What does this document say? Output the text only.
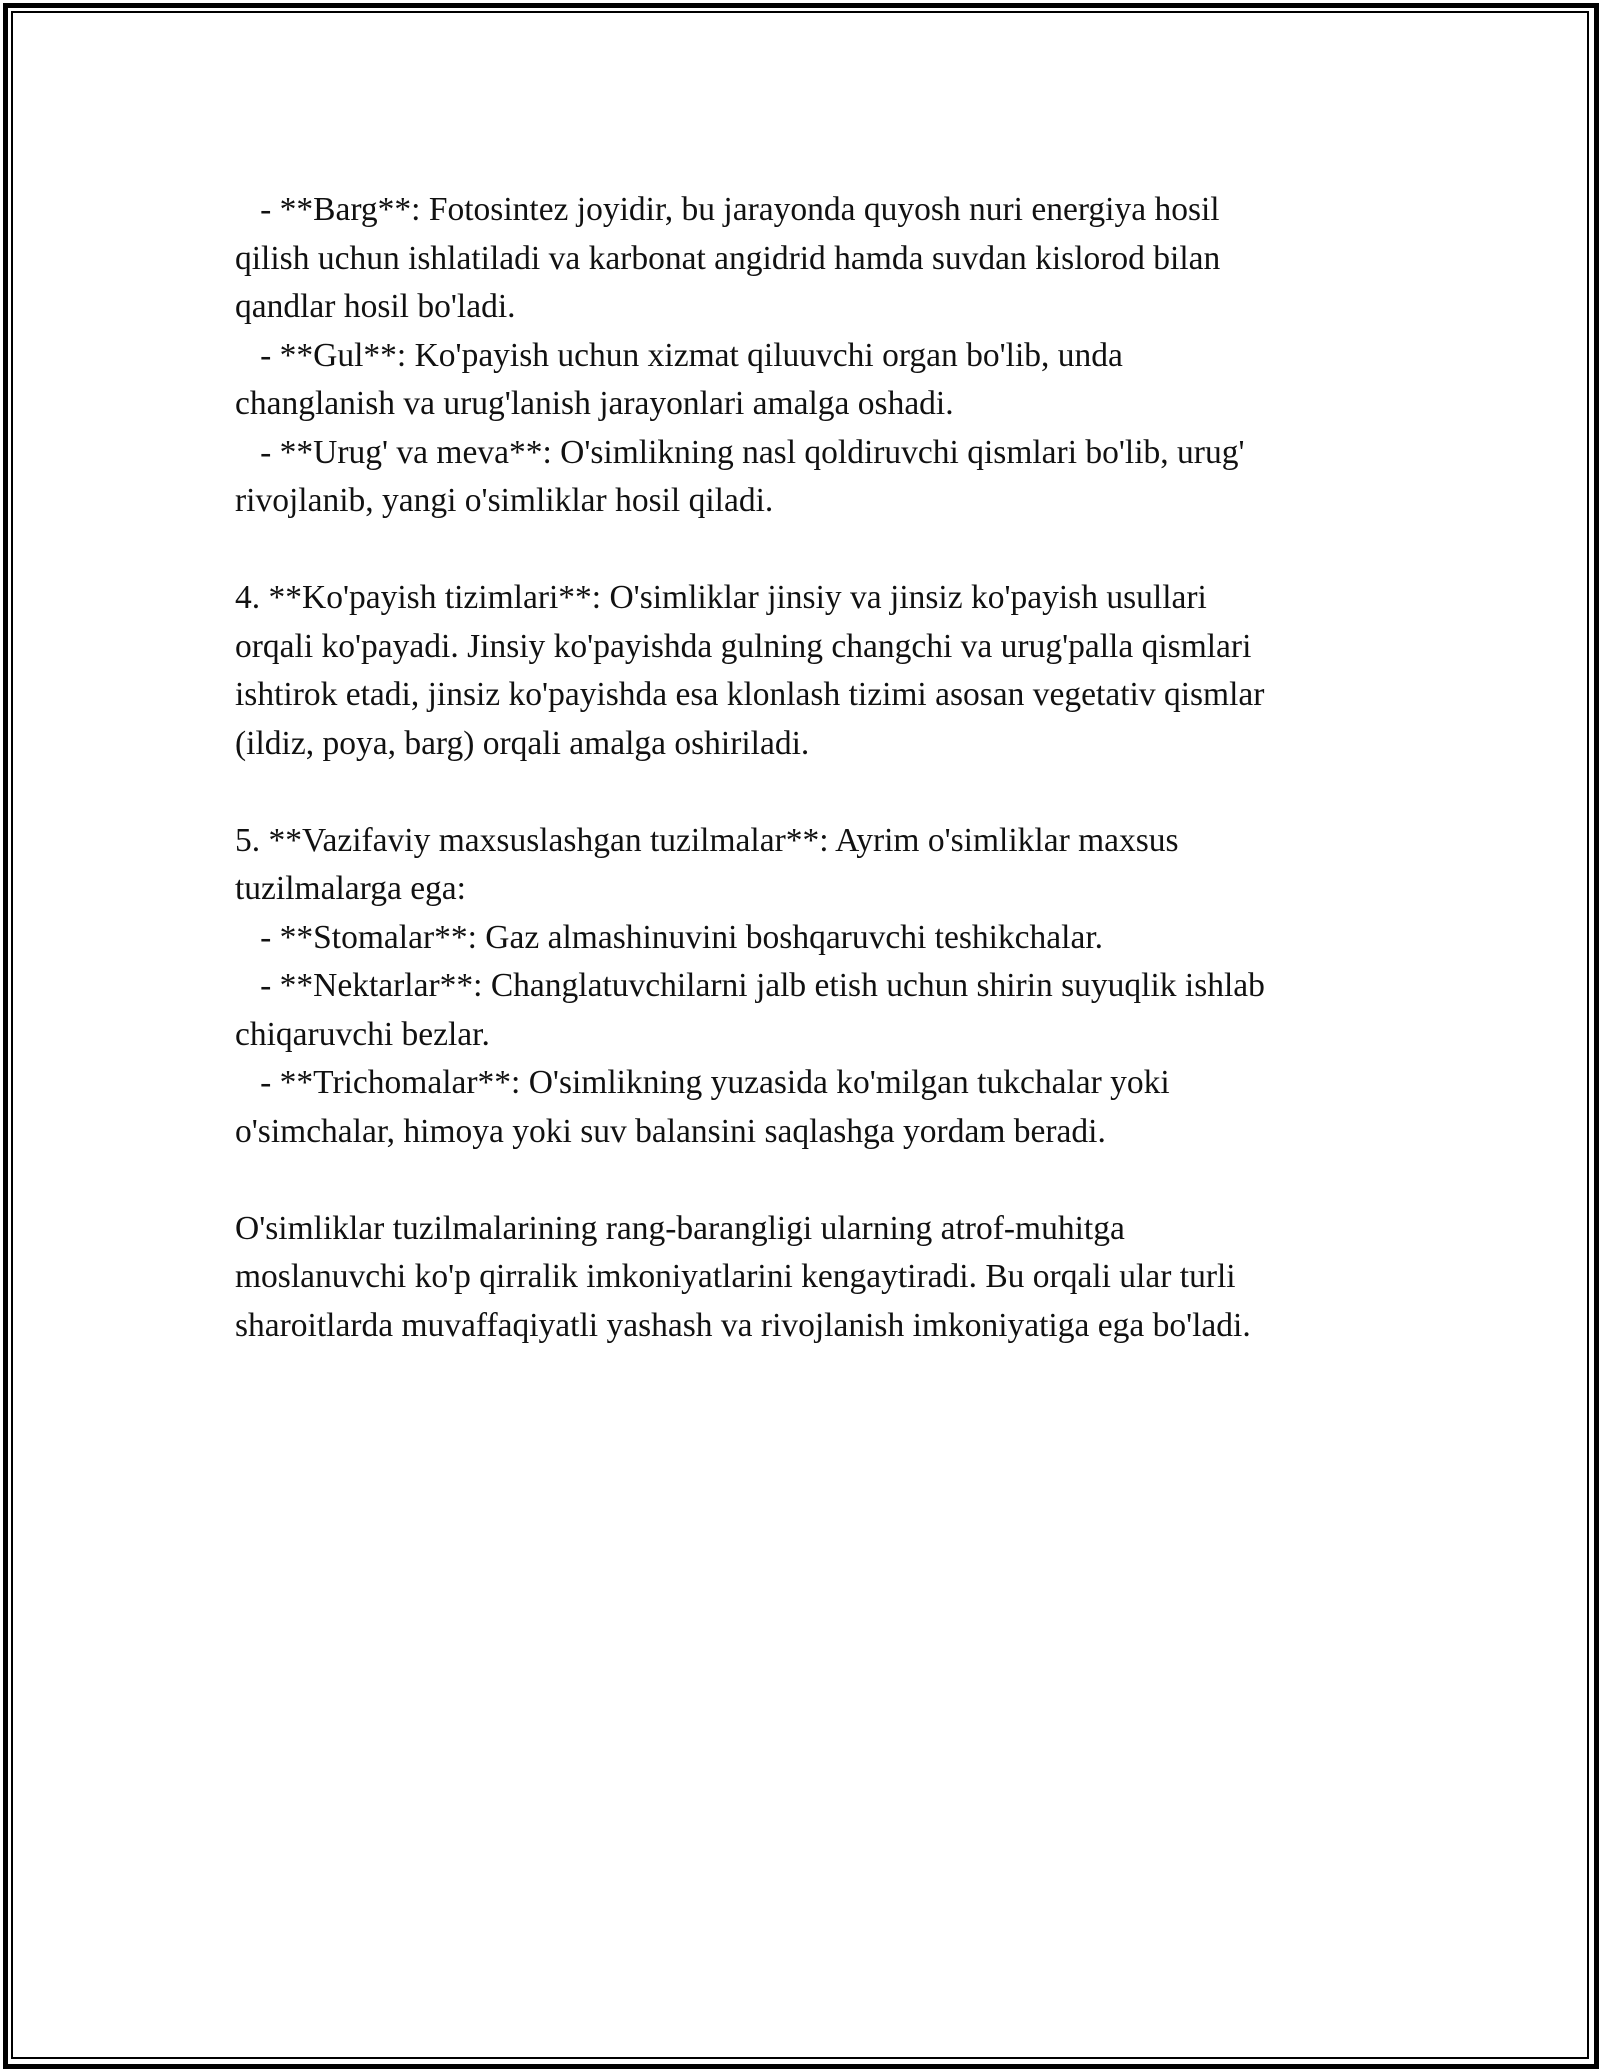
- **Barg**: Fotosintez joyidir, bu jarayonda quyosh nuri energiya hosil
qilish uchun ishlatiladi va karbonat angidrid hamda suvdan kislorod bilan
qandlar hosil bo'ladi.

- **Gul**: Ko'payish uchun xizmat qiluuvchi organ bo'lib, unda
changlanish va urug'lanish jarayonlari amalga oshadi.

- **Urug' va meva**: O'simlikning nasl qoldiruvchi qismlari bo'lib, urug'
rivojlanib, yangi o'simliklar hosil qiladi.

4. **Ko'payish tizimlari**: O'simliklar jinsiy va jinsiz ko'payish usullari
orqali ko'payadi. Jinsiy ko'payishda gulning changchi va urug'palla qismlari
ishtirok etadi, jinsiz ko'payishda esa klonlash tizimi asosan vegetativ qismlar
(ildiz, poya, barg) orqali amalga oshiriladi.

5. **Vazifaviy maxsuslashgan tuzilmalar**: Ayrim o'simliklar maxsus
tuzilmalarga ega:

- **Stomalar**: Gaz almashinuvini boshqaruvchi teshikchalar.

- **Nektarlar**: Changlatuvchilarni jalb etish uchun shirin suyuqlik ishlab
chiqaruvchi bezlar.

- **Trichomalar**: O'simlikning yuzasida ko'milgan tukchalar yoki
o'simchalar, himoya yoki suv balansini saqlashga yordam beradi.

O'simliklar tuzilmalarining rang-barangligi ularning atrof-muhitga
moslanuvchi ko'p qirralik imkoniyatlarini kengaytiradi. Bu orqali ular turli
sharoitlarda muvaffaqiyatli yashash va rivojlanish imkoniyatiga ega bo'ladi.
